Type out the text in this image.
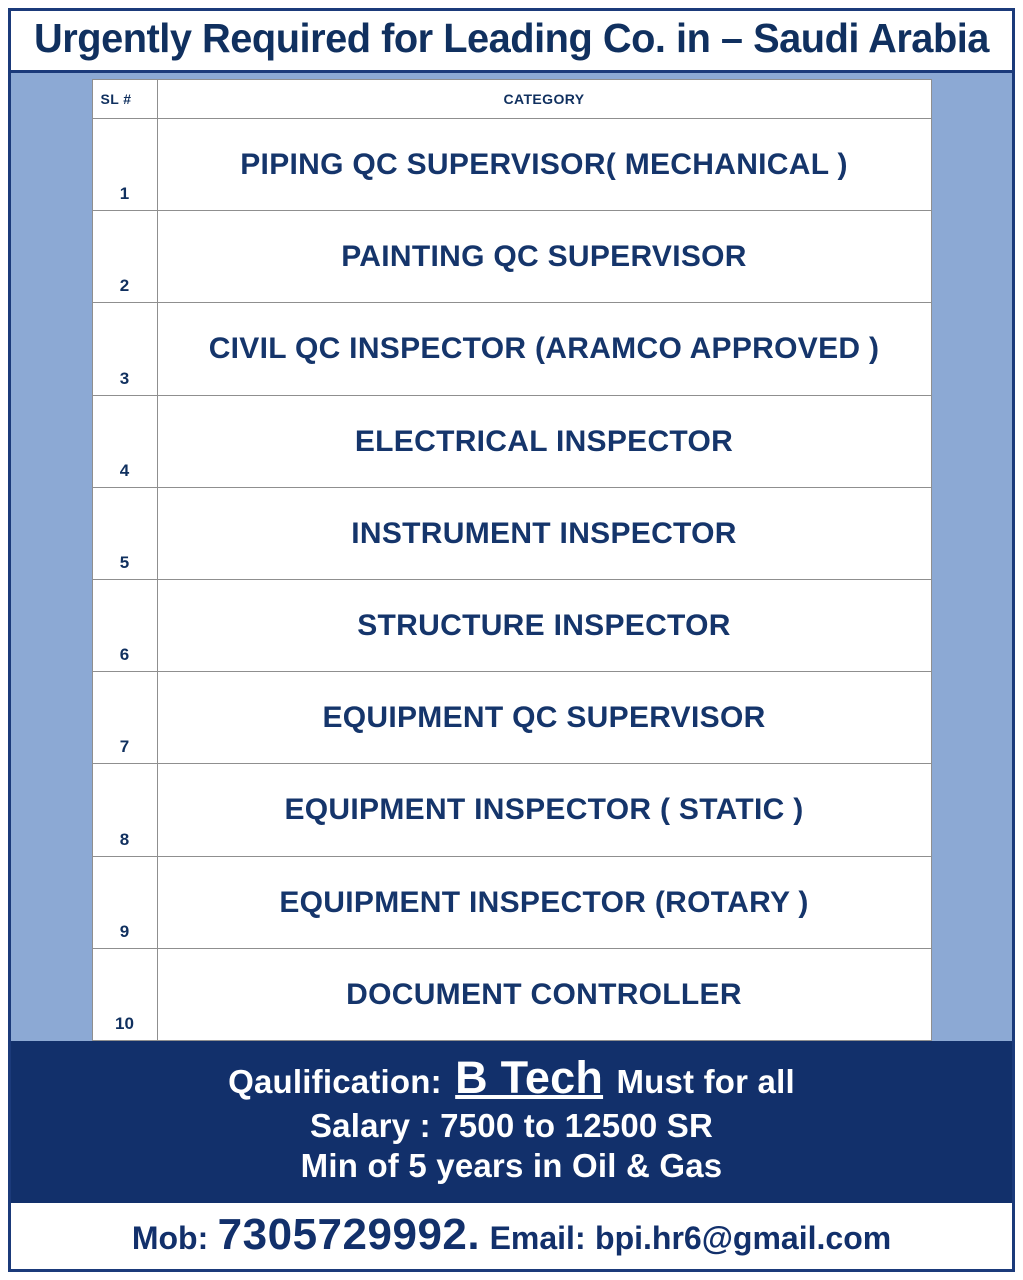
Urgently Required for Leading Co. in – Saudi Arabia
SL #	CATEGORY
1	PIPING QC SUPERVISOR( MECHANICAL )
2	PAINTING QC SUPERVISOR
3	CIVIL QC INSPECTOR (ARAMCO APPROVED )
4	ELECTRICAL INSPECTOR
5	INSTRUMENT INSPECTOR
6	STRUCTURE INSPECTOR
7	EQUIPMENT QC SUPERVISOR
8	EQUIPMENT INSPECTOR ( STATIC )
9	EQUIPMENT INSPECTOR (ROTARY )
10	DOCUMENT CONTROLLER
Qaulification: B Tech Must for all
Salary : 7500 to 12500 SR
Min of 5 years in Oil & Gas
Mob: 7305729992. Email: bpi.hr6@gmail.com
